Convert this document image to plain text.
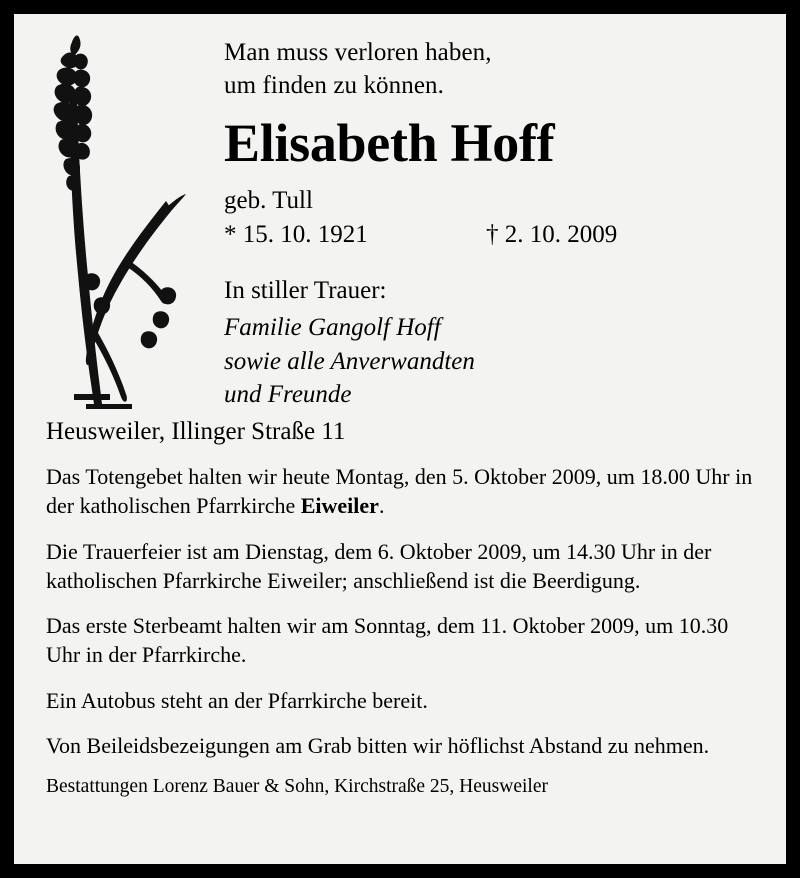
Man muss verloren haben,
um finden zu können.
Elisabeth Hoff
geb. Tull
* 15. 10. 1921	† 2. 10. 2009
In stiller Trauer:
Familie Gangolf Hoff
sowie alle Anverwandten
und Freunde
Heusweiler, Illinger Straße 11
Das Totengebet halten wir heute Montag, den 5. Oktober 2009, um 18.00 Uhr in der katholischen Pfarrkirche Eiweiler.
Die Trauerfeier ist am Dienstag, dem 6. Oktober 2009, um 14.30 Uhr in der katholischen Pfarrkirche Eiweiler; anschließend ist die Beerdigung.
Das erste Sterbeamt halten wir am Sonntag, dem 11. Oktober 2009, um 10.30 Uhr in der Pfarrkirche.
Ein Autobus steht an der Pfarrkirche bereit.
Von Beileidsbezeigungen am Grab bitten wir höflichst Abstand zu nehmen.
Bestattungen Lorenz Bauer & Sohn, Kirchstraße 25, Heusweiler
